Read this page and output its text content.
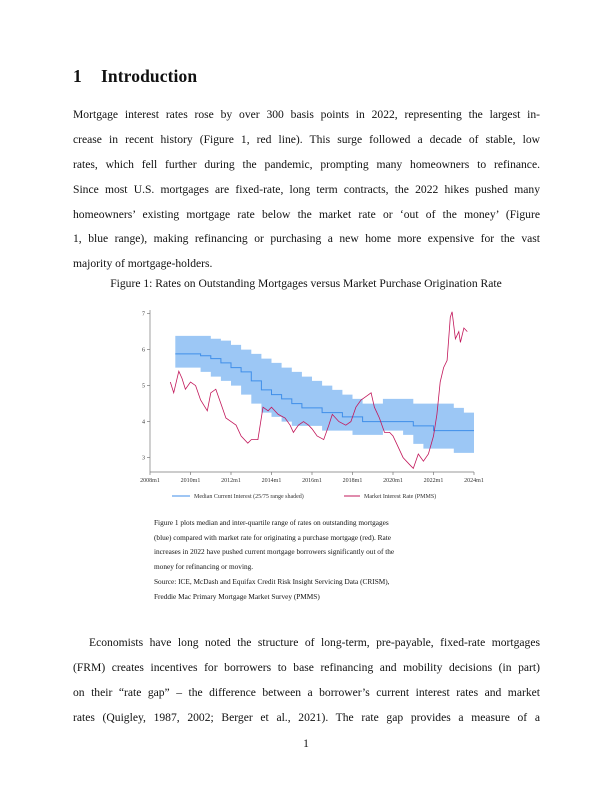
1 Introduction

Mortgage interest rates rose by over 300 basis points in 2022, representing the largest in-
crease in recent history (Figure 1, red line). This surge followed a decade of stable, low
rates, which fell further during the pandemic, prompting many homeowners to refinance.
Since most U.S. mortgages are fixed-rate, long term contracts, the 2022 hikes pushed many
homeowners’ existing mortgage rate below the market rate or ‘out of the money’ (Figure
1, blue range), making refinancing or purchasing a new home more expensive for the vast
majority of mortgage-holders.

Figure 1: Rates on Outstanding Mortgages versus Market Purchase Origination Rate

3
4
5
6
7
2008m1	2010m1	2012m1	2014m1	2016m1	2018m1	2020m1	2022m1	2024m1
Median Current Interest (25/75 range shaded)	Market Interest Rate (PMMS)

Figure 1 plots median and inter-quartile range of rates on outstanding mortgages
(blue) compared with market rate for originating a purchase mortgage (red). Rate
increases in 2022 have pushed current mortgage borrowers significantly out of the
money for refinancing or moving.
Source: ICE, McDash and Equifax Credit Risk Insight Servicing Data (CRISM),
Freddie Mac Primary Mortgage Market Survey (PMMS)

Economists have long noted the structure of long-term, pre-payable, fixed-rate mortgages
(FRM) creates incentives for borrowers to base refinancing and mobility decisions (in part)
on their “rate gap” – the difference between a borrower’s current interest rates and market
rates (Quigley, 1987, 2002; Berger et al., 2021). The rate gap provides a measure of a

1
